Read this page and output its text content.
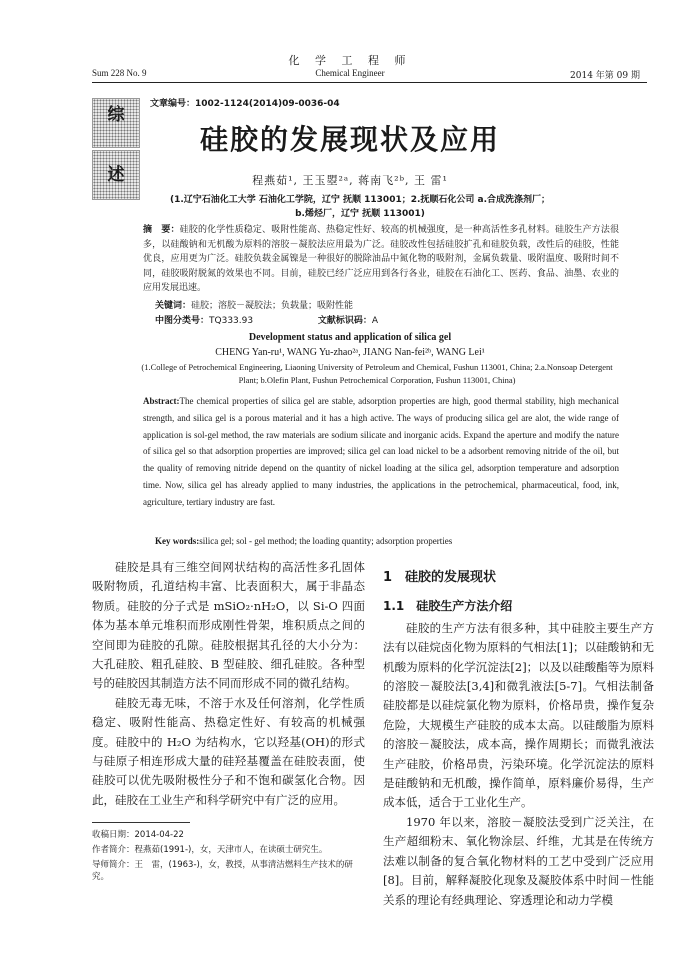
化 学 工 程 师
Chemical Engineer
Sum 228 No. 9	2014 年第 09 期
综
述
文章编号：1002-1124(2014)09-0036-04
硅胶的发展现状及应用
程燕茹¹, 王玉曌²ᵃ, 蒋南飞²ᵇ, 王 雷¹
(1.辽宁石油化工大学 石油化工学院，辽宁 抚顺 113001；2.抚顺石化公司 a.合成洗涤剂厂；
b.烯烃厂，辽宁 抚顺 113001)
摘　要：硅胶的化学性质稳定、吸附性能高、热稳定性好、较高的机械强度，是一种高活性多孔材料。硅胶生产方法很多，以硅酸钠和无机酸为原料的溶胶－凝胶法应用最为广泛。硅胶改性包括硅胶扩孔和硅胶负载，改性后的硅胶，性能优良，应用更为广泛。硅胶负载金属镍是一种很好的脱除油品中氮化物的吸附剂，金属负载量、吸附温度、吸附时间不同，硅胶吸附脱氮的效果也不同。目前，硅胶已经广泛应用到各行各业，硅胶在石油化工、医药、食品、油墨、农业的应用发展迅速。
关键词：硅胶；溶胶－凝胶法；负载量；吸附性能
中图分类号：TQ333.93	文献标识码：A
Development status and application of silica gel
CHENG Yan-ru¹, WANG Yu-zhao²ᵃ, JIANG Nan-fei²ᵇ, WANG Lei¹
(1.College of Petrochemical Engineering, Liaoning University of Petroleum and Chemical, Fushun 113001, China; 2.a.Nonsoap Detergent Plant; b.Olefin Plant, Fushun Petrochemical Corporation, Fushun 113001, China)
Abstract:The chemical properties of silica gel are stable, adsorption properties are high, good thermal stability, high mechanical strength, and silica gel is a porous material and it has a high active. The ways of producing silica gel are alot, the wide range of application is sol-gel method, the raw materials are sodium silicate and inorganic acids. Expand the aperture and modify the nature of silica gel so that adsorption properties are improved; silica gel can load nickel to be a adsorbent removing nitride of the oil, but the quality of removing nitride depend on the quantity of nickel loading at the silica gel, adsorption temperature and adsorption time. Now, silica gel has already applied to many industries, the applications in the petrochemical, pharmaceutical, food, ink, agriculture, tertiary industry are fast.
Key words:silica gel; sol - gel method; the loading quantity; adsorption properties

硅胶是具有三维空间网状结构的高活性多孔固体吸附物质，孔道结构丰富、比表面积大，属于非晶态物质。硅胶的分子式是 mSiO₂·nH₂O，以 Si-O 四面体为基本单元堆积而形成刚性骨架，堆积质点之间的空间即为硅胶的孔隙。硅胶根据其孔径的大小分为：大孔硅胶、粗孔硅胶、B 型硅胶、细孔硅胶。各种型号的硅胶因其制造方法不同而形成不同的微孔结构。

硅胶无毒无味，不溶于水及任何溶剂，化学性质稳定、吸附性能高、热稳定性好、有较高的机械强度。硅胶中的 H₂O 为结构水，它以羟基(OH)的形式与硅原子相连形成大量的硅羟基覆盖在硅胶表面，使硅胶可以优先吸附极性分子和不饱和碳氢化合物。因此，硅胶在工业生产和科学研究中有广泛的应用。

1　硅胶的发展现状

1.1　硅胶生产方法介绍

硅胶的生产方法有很多种，其中硅胶主要生产方法有以硅烷卤化物为原料的气相法[1]；以硅酸钠和无机酸为原料的化学沉淀法[2]；以及以硅酸酯等为原料的溶胶－凝胶法[3,4]和微乳液法[5-7]。气相法制备硅胶都是以硅烷氯化物为原料，价格昂贵，操作复杂危险，大规模生产硅胶的成本太高。以硅酸脂为原料的溶胶－凝胶法，成本高，操作周期长；而微乳液法生产硅胶，价格昂贵，污染环境。化学沉淀法的原料是硅酸钠和无机酸，操作简单，原料廉价易得，生产成本低，适合于工业化生产。

1970 年以来，溶胶－凝胶法受到广泛关注，在生产超细粉末、氧化物涂层、纤维，尤其是在传统方法难以制备的复合氧化物材料的工艺中受到广泛应用[8]。目前，解释凝胶化现象及凝胶体系中时间－性能关系的理论有经典理论、穿透理论和动力学模

收稿日期：2014-04-22
作者简介：程燕茹(1991-)，女，天津市人，在读硕士研究生。
导师简介：王　雷，(1963-)，女，教授，从事清洁燃料生产技术的研究。
